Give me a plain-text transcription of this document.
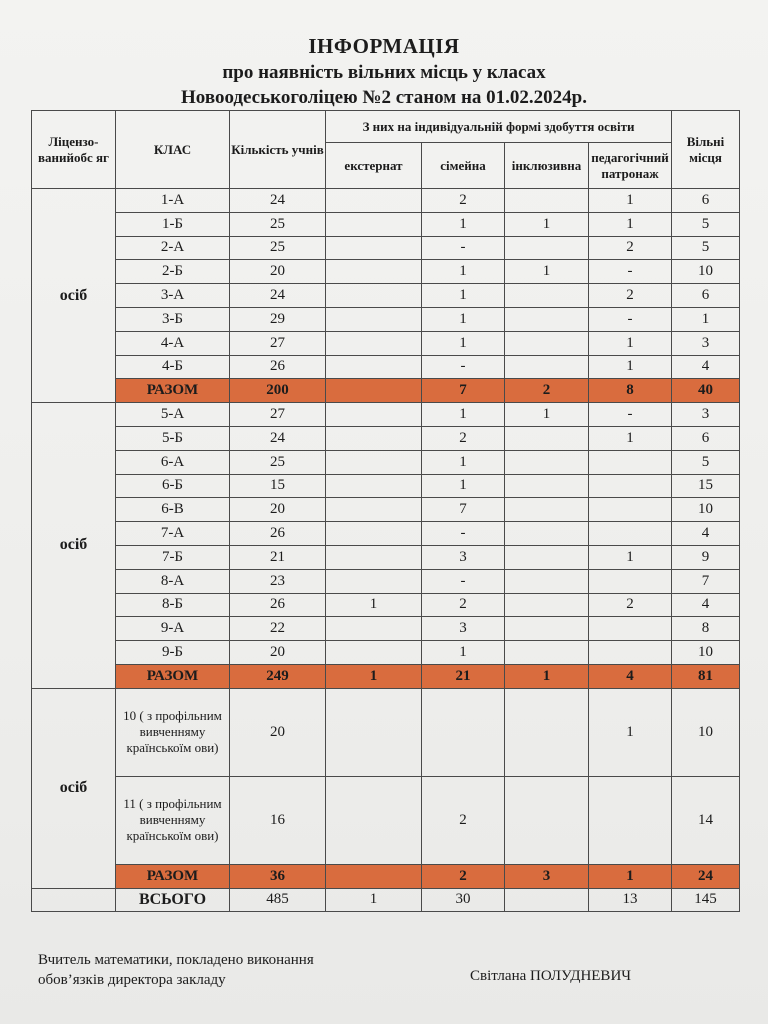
ІНФОРМАЦІЯ
про наявність вільних місць у класах
Новоодеськоголіцею №2 станом на 01.02.2024р.
Ліцензо-ванийобс яг	КЛАС	Кількість учнів	З них на індивідуальній формі здобуття освіти				Вільні місця
			екстернат	сімейна	інклюзивна	педагогічний патронаж	
осіб	1-А	24		2		1	6
	1-Б	25		1	1	1	5
	2-А	25		-		2	5
	2-Б	20		1	1	-	10
	3-А	24		1		2	6
	3-Б	29		1		-	1
	4-А	27		1		1	3
	4-Б	26		-		1	4
	РАЗОМ	200		7	2	8	40
осіб	5-А	27		1	1	-	3
	5-Б	24		2		1	6
	6-А	25		1			5
	6-Б	15		1			15
	6-В	20		7			10
	7-А	26		-			4
	7-Б	21		3		1	9
	8-А	23		-			7
	8-Б	26	1	2		2	4
	9-А	22		3			8
	9-Б	20		1			10
	РАЗОМ	249	1	21	1	4	81
осіб	10 ( з профільним вивченняму країнськоїм ови)	20				1	10
	11 ( з профільним вивченняму країнськоїм ови)	16		2			14
	РАЗОМ	36		2	3	1	24
	ВСЬОГО	485	1	30		13	145
Вчитель математики, покладено виконання
обов’язків директора закладу	Світлана ПОЛУДНЕВИЧ
